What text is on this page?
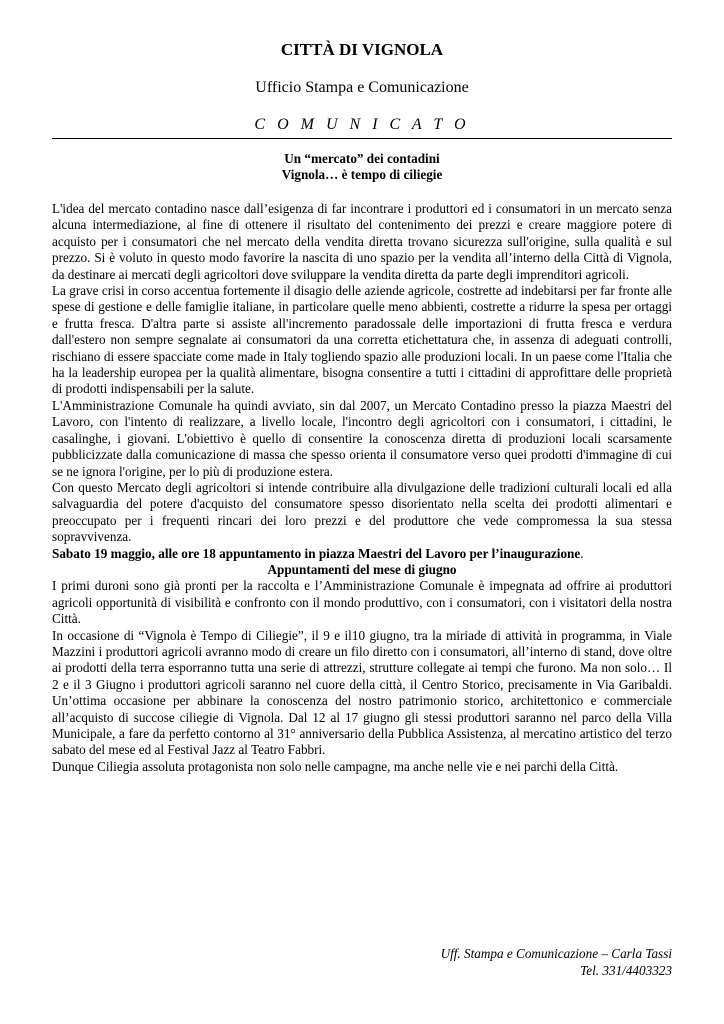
CITTÀ DI VIGNOLA
Ufficio Stampa e Comunicazione
C O M U N I C A T O
Un “mercato” dei contadini
Vignola… è tempo di ciliegie

L'idea del mercato contadino nasce dall’esigenza di far incontrare i produttori ed i consumatori in un mercato senza alcuna intermediazione, al fine di ottenere il risultato del contenimento dei prezzi e creare maggiore potere di acquisto per i consumatori che nel mercato della vendita diretta trovano sicurezza sull'origine, sulla qualità e sul prezzo. Si è voluto in questo modo favorire la nascita di uno spazio per la vendita all’interno della Città di Vignola, da destinare ai mercati degli agricoltori dove sviluppare la vendita diretta da parte degli imprenditori agricoli.

La grave crisi in corso accentua fortemente il disagio delle aziende agricole, costrette ad indebitarsi per far fronte alle spese di gestione e delle famiglie italiane, in particolare quelle meno abbienti, costrette a ridurre la spesa per ortaggi e frutta fresca. D'altra parte si assiste all'incremento paradossale delle importazioni di frutta fresca e verdura dall'estero non sempre segnalate ai consumatori da una corretta etichettatura che, in assenza di adeguati controlli, rischiano di essere spacciate come made in Italy togliendo spazio alle produzioni locali. In un paese come l'Italia che ha la leadership europea per la qualità alimentare, bisogna consentire a tutti i cittadini di approfittare delle proprietà di prodotti indispensabili per la salute.

L'Amministrazione Comunale ha quindi avviato, sin dal 2007, un Mercato Contadino presso la piazza Maestri del Lavoro, con l'intento di realizzare, a livello locale, l'incontro degli agricoltori con i consumatori, i cittadini, le casalinghe, i giovani. L'obiettivo è quello di consentire la conoscenza diretta di produzioni locali scarsamente pubblicizzate dalla comunicazione di massa che spesso orienta il consumatore verso quei prodotti d'immagine di cui se ne ignora l'origine, per lo più di produzione estera.

Con questo Mercato degli agricoltori si intende contribuire alla divulgazione delle tradizioni culturali locali ed alla salvaguardia del potere d'acquisto del consumatore spesso disorientato nella scelta dei prodotti alimentari e preoccupato per i frequenti rincari dei loro prezzi e del produttore che vede compromessa la sua stessa sopravvivenza.

Sabato 19 maggio, alle ore 18 appuntamento in piazza Maestri del Lavoro per l’inaugurazione.

Appuntamenti del mese di giugno

I primi duroni sono già pronti per la raccolta e l’Amministrazione Comunale è impegnata ad offrire ai produttori agricoli opportunità di visibilità e confronto con il mondo produttivo, con i consumatori, con i visitatori della nostra Città.

In occasione di “Vignola è Tempo di Ciliegie”, il 9 e il10 giugno, tra la miriade di attività in programma, in Viale Mazzini i produttori agricoli avranno modo di creare un filo diretto con i consumatori, all’interno di stand, dove oltre ai prodotti della terra esporranno tutta una serie di attrezzi, strutture collegate ai tempi che furono. Ma non solo… Il 2 e il 3 Giugno i produttori agricoli saranno nel cuore della città, il Centro Storico, precisamente in Via Garibaldi. Un’ottima occasione per abbinare la conoscenza del nostro patrimonio storico, architettonico e commerciale all’acquisto di succose ciliegie di Vignola. Dal 12 al 17 giugno gli stessi produttori saranno nel parco della Villa Municipale, a fare da perfetto contorno al 31° anniversario della Pubblica Assistenza, al mercatino artistico del terzo sabato del mese ed al Festival Jazz al Teatro Fabbri.

Dunque Ciliegia assoluta protagonista non solo nelle campagne, ma anche nelle vie e nei parchi della Città.

Uff. Stampa e Comunicazione – Carla Tassi
Tel. 331/4403323
